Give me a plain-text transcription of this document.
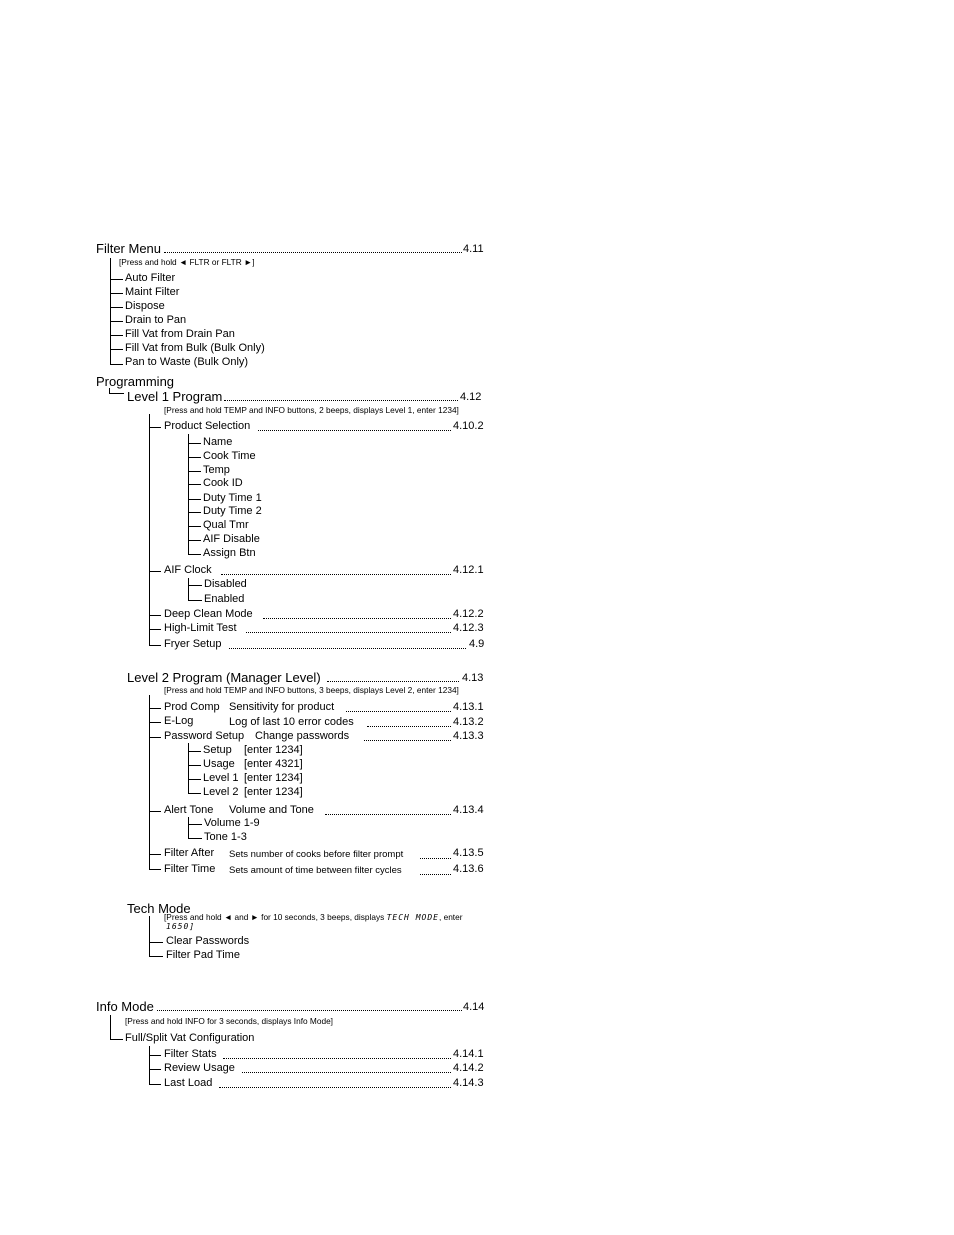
Filter Menu	4.11
[Press and hold ◄ FLTR or FLTR ►]
Auto Filter
Maint Filter
Dispose
Drain to Pan
Fill Vat from Drain Pan
Fill Vat from Bulk (Bulk Only)
Pan to Waste (Bulk Only)
Programming
Level 1 Program	4.12
[Press and hold TEMP and INFO buttons, 2 beeps, displays Level 1, enter 1234]
Product Selection	4.10.2
Name
Cook Time
Temp
Cook ID
Duty Time 1
Duty Time 2
Qual Tmr
AIF Disable
Assign Btn
AIF Clock	4.12.1
Disabled
Enabled
Deep Clean Mode	4.12.2
High-Limit Test	4.12.3
Fryer Setup	4.9
Level 2 Program (Manager Level)	4.13
[Press and hold TEMP and INFO buttons, 3 beeps, displays Level 2, enter 1234]
Prod Comp Sensitivity for product	4.13.1
E-Log	Log of last 10 error codes	4.13.2
Password Setup Change passwords	4.13.3
Setup [enter 1234]
Usage [enter 4321]
Level 1 [enter 1234]
Level 2 [enter 1234]
Alert Tone Volume and Tone	4.13.4
Volume 1-9
Tone 1-3
Filter After Sets number of cooks before filter prompt	4.13.5
Filter Time Sets amount of time between filter cycles	4.13.6
Tech Mode
[Press and hold ◄ and ► for 10 seconds, 3 beeps, displays TECH MODE, enter
1650]
Clear Passwords
Filter Pad Time
Info Mode	4.14
[Press and hold INFO for 3 seconds, displays Info Mode]
Full/Split Vat Configuration
Filter Stats	4.14.1
Review Usage	4.14.2
Last Load	4.14.3
